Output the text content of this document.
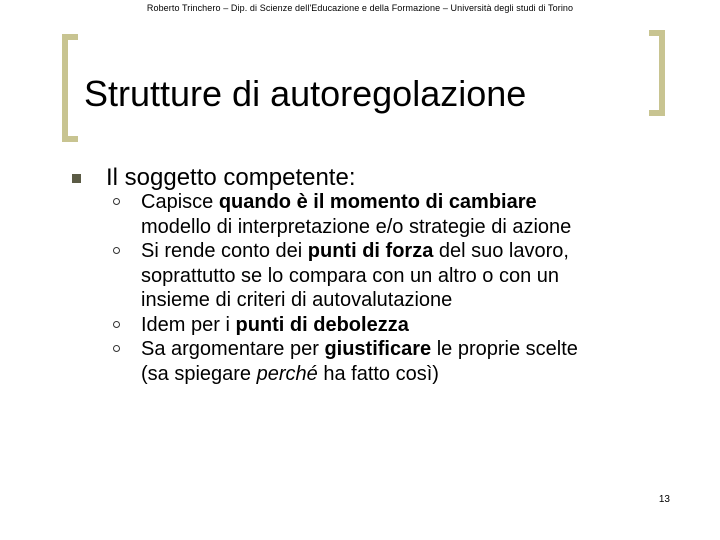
Roberto Trinchero – Dip. di Scienze dell'Educazione e della Formazione – Università degli studi di Torino
Strutture di autoregolazione
Il soggetto competente:
Capisce quando è il momento di cambiare
modello di interpretazione e/o strategie di azione
Si rende conto dei punti di forza del suo lavoro,
soprattutto se lo compara con un altro o con un
insieme di criteri di autovalutazione
Idem per i punti di debolezza
Sa argomentare per giustificare le proprie scelte
(sa spiegare perché ha fatto così)
13
